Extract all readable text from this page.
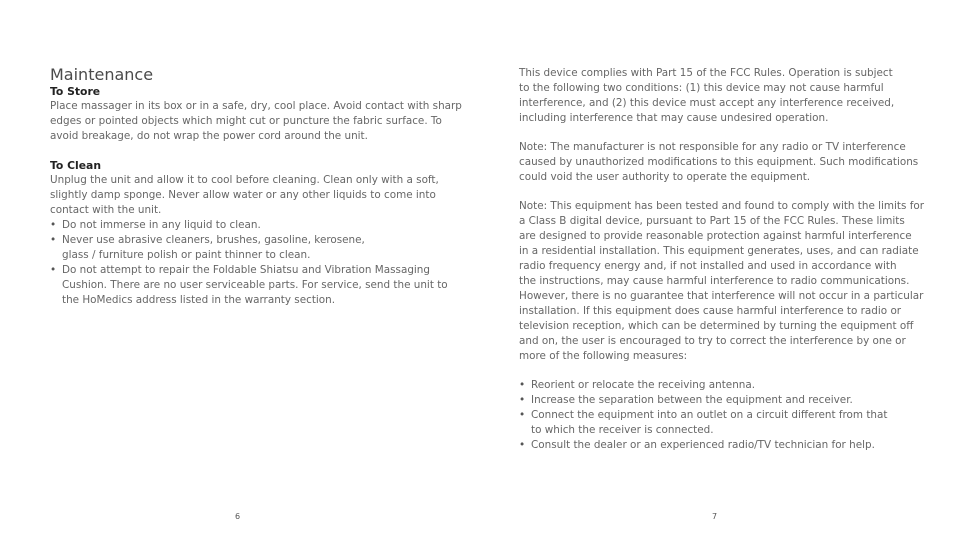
Maintenance
To Store
Place massager in its box or in a safe, dry, cool place. Avoid contact with sharp
edges or pointed objects which might cut or puncture the fabric surface. To
avoid breakage, do not wrap the power cord around the unit.
To Clean
Unplug the unit and allow it to cool before cleaning. Clean only with a soft,
slightly damp sponge. Never allow water or any other liquids to come into
contact with the unit.
• Do not immerse in any liquid to clean.
• Never use abrasive cleaners, brushes, gasoline, kerosene,
glass / furniture polish or paint thinner to clean.
• Do not attempt to repair the Foldable Shiatsu and Vibration Massaging
Cushion. There are no user serviceable parts. For service, send the unit to
the HoMedics address listed in the warranty section.
6
This device complies with Part 15 of the FCC Rules. Operation is subject
to the following two conditions: (1) this device may not cause harmful
interference, and (2) this device must accept any interference received,
including interference that may cause undesired operation.
Note: The manufacturer is not responsible for any radio or TV interference
caused by unauthorized modifications to this equipment. Such modifications
could void the user authority to operate the equipment.
Note: This equipment has been tested and found to comply with the limits for
a Class B digital device, pursuant to Part 15 of the FCC Rules. These limits
are designed to provide reasonable protection against harmful interference
in a residential installation. This equipment generates, uses, and can radiate
radio frequency energy and, if not installed and used in accordance with
the instructions, may cause harmful interference to radio communications.
However, there is no guarantee that interference will not occur in a particular
installation. If this equipment does cause harmful interference to radio or
television reception, which can be determined by turning the equipment off
and on, the user is encouraged to try to correct the interference by one or
more of the following measures:
• Reorient or relocate the receiving antenna.
• Increase the separation between the equipment and receiver.
• Connect the equipment into an outlet on a circuit different from that
to which the receiver is connected.
• Consult the dealer or an experienced radio/TV technician for help.
7
